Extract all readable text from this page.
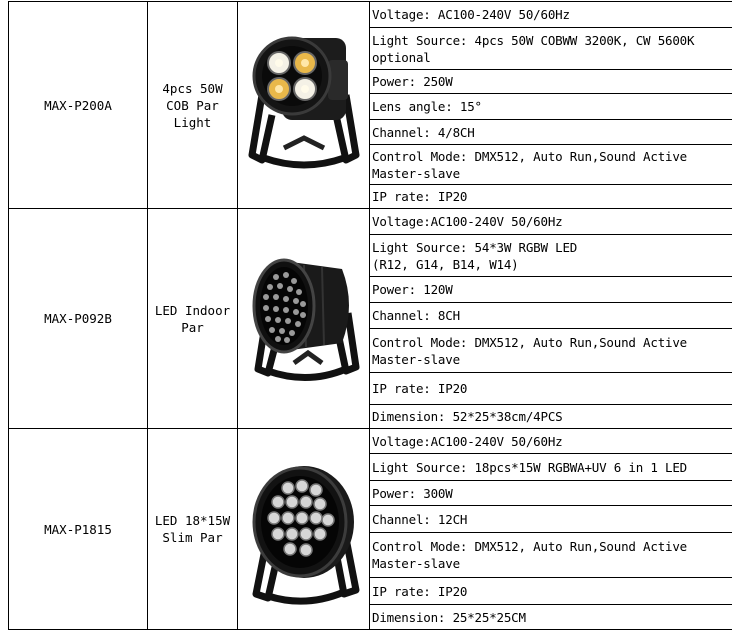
MAX-P200A	4pcs 50W
COB Par
Light		Voltage: AC100-240V 50/60Hz
			Light Source: 4pcs 50W COBWW 3200K, CW 5600K
optional
			Power: 250W
			Lens angle: 15°
			Channel: 4/8CH
			Control Mode: DMX512, Auto Run,Sound Active
Master-slave
			IP rate: IP20
MAX-P092B	LED Indoor
Par		Voltage:AC100-240V 50/60Hz
			Light Source: 54*3W RGBW LED
(R12, G14, B14, W14)
			Power: 120W
			Channel: 8CH
			Control Mode: DMX512, Auto Run,Sound Active
Master-slave
			IP rate: IP20
			Dimension: 52*25*38cm/4PCS
MAX-P1815	LED 18*15W
Slim Par		Voltage:AC100-240V 50/60Hz
			Light Source: 18pcs*15W RGBWA+UV 6 in 1 LED
			Power: 300W
			Channel: 12CH
			Control Mode: DMX512, Auto Run,Sound Active
Master-slave
			IP rate: IP20
			Dimension: 25*25*25CM
